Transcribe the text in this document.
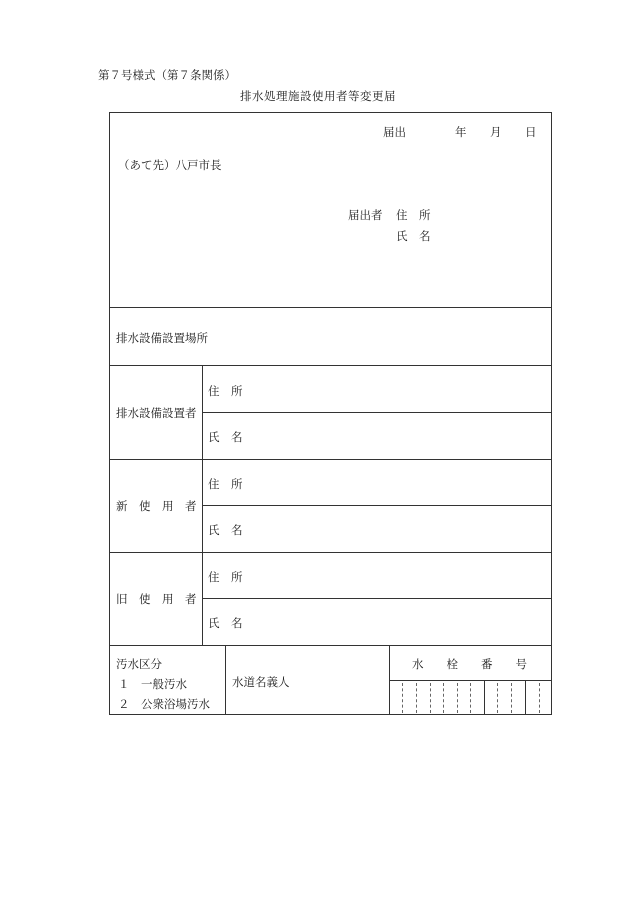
第７号様式（第７条関係）
排水処理施設使用者等変更届
届出	年 月 日
（あて先）八戸市長
届出者 住　所
氏　名
排水設備設置場所
排水設備設置者
住　所
氏　名
新　使　用　者
住　所
氏　名
旧　使　用　者
住　所
氏　名
汚水区分
１　一般汚水
２　公衆浴場汚水
水道名義人
水　　栓　　番　　号
